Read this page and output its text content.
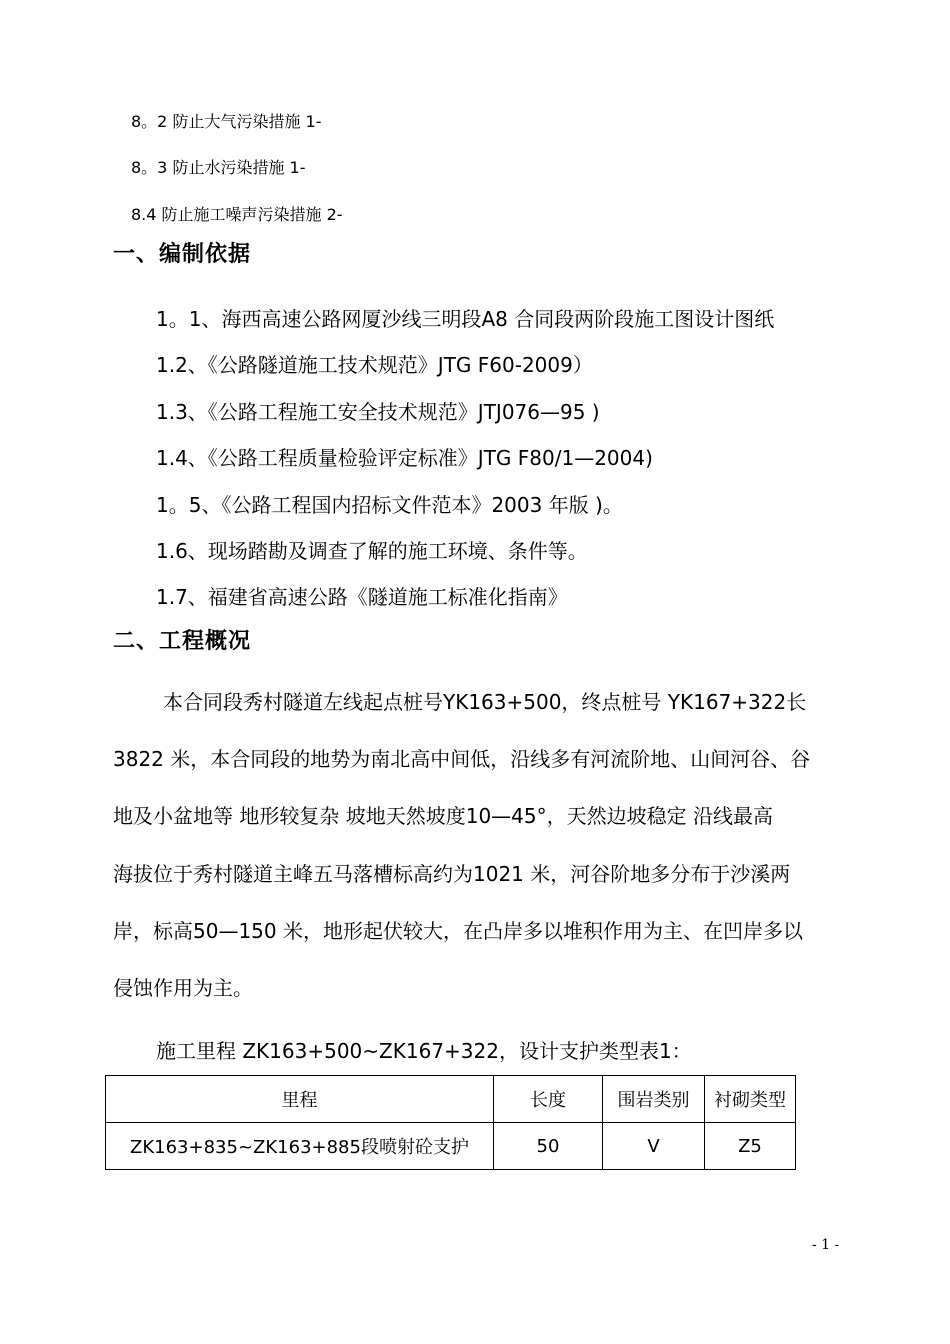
8。2 防止大气污染措施 1-
8。3 防止水污染措施 1-
8.4 防止施工噪声污染措施 2-
一、编制依据
1。1、海西高速公路网厦沙线三明段A8 合同段两阶段施工图设计图纸
1.2、《公路隧道施工技术规范》JTG F60-2009）
1.3、《公路工程施工安全技术规范》JTJ076—95 )
1.4、《公路工程质量检验评定标准》JTG F80/1—2004)
1。5、《公路工程国内招标文件范本》2003 年版 )。
1.6、现场踏勘及调查了解的施工环境、条件等。
1.7、福建省高速公路《隧道施工标准化指南》
二、工程概况
本合同段秀村隧道左线起点桩号YK163+500，终点桩号 YK167+322长
3822 米，本合同段的地势为南北高中间低，沿线多有河流阶地、山间河谷、谷
地及小盆地等 地形较复杂 坡地天然坡度10—45°，天然边坡稳定 沿线最高
海拔位于秀村隧道主峰五马落槽标高约为1021 米，河谷阶地多分布于沙溪两
岸，标高50—150 米，地形起伏较大，在凸岸多以堆积作用为主、在凹岸多以
侵蚀作用为主。
施工里程 ZK163+500~ZK167+322，设计支护类型表1：
里程	长度	围岩类别	衬砌类型
ZK163+835~ZK163+885段喷射砼支护	50	V	Z5
- 1 -
